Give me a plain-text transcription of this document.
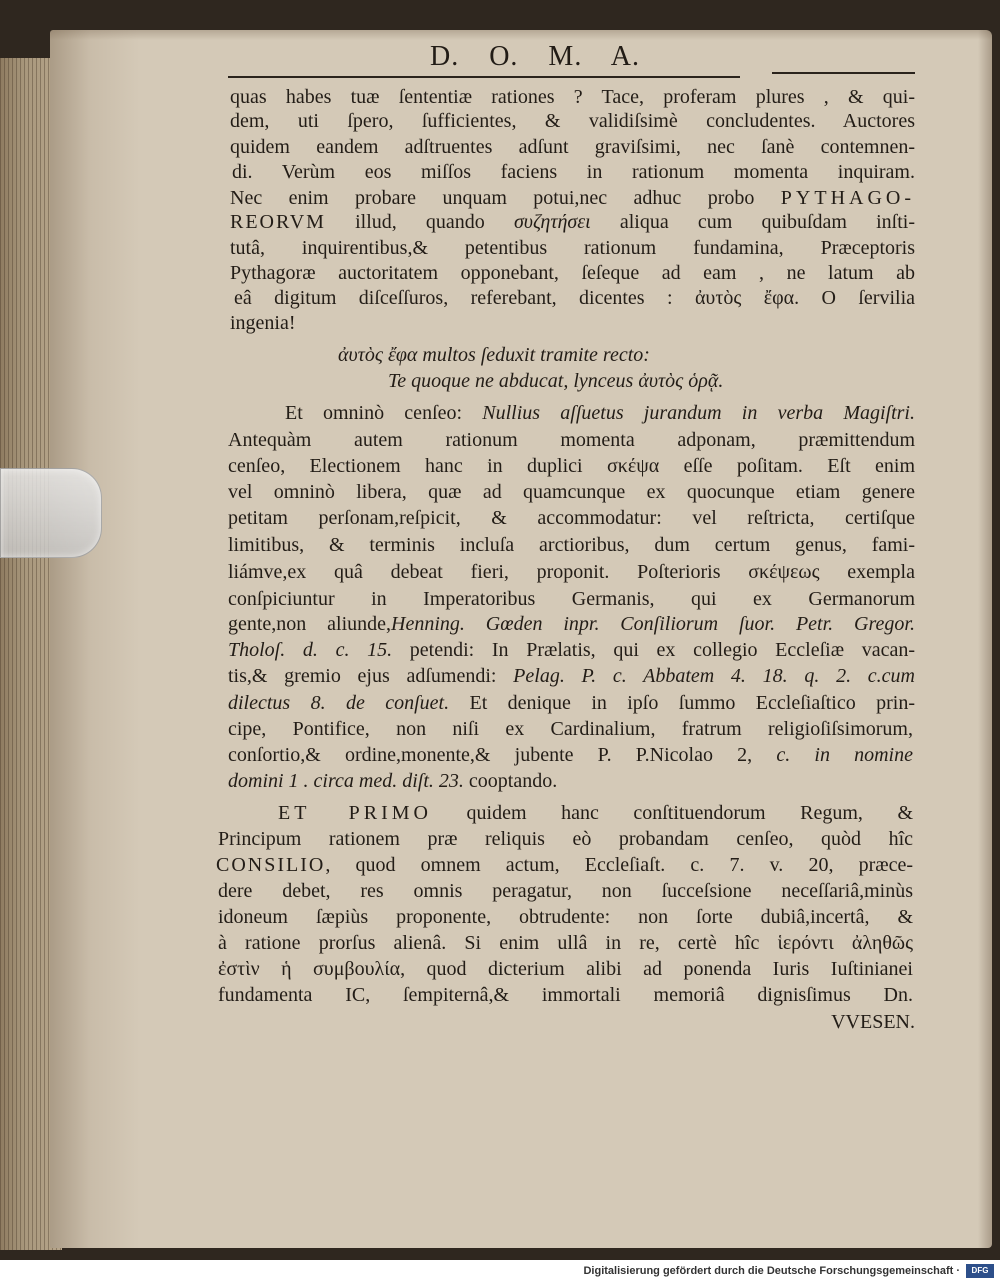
D. O. M. A.
quas habes tuæ ſententiæ rationes ? Tace, proferam plures , & qui-
dem, uti ſpero, ſufficientes, & validiſsimè concludentes. Auctores
quidem eandem adſtruentes adſunt graviſsimi, nec ſanè contemnen-
di. Verùm eos miſſos faciens in rationum momenta inquiram.
Nec enim probare unquam potui,nec adhuc probo PYTHAGO-
REORVM illud, quando συζητήσει aliqua cum quibuſdam inſti-
tutâ, inquirentibus,& petentibus rationum fundamina, Præceptoris
Pythagoræ auctoritatem opponebant, ſeſeque ad eam , ne latum ab
eâ digitum diſceſſuros, referebant, dicentes : ἀυτὸς ἔφα. O ſervilia
ingenia!
ἀυτὸς ἔφα multos ſeduxit tramite recto:
Te quoque ne abducat, lynceus ἀυτὸς ὁρᾷ.
Et omninò cenſeo: Nullius aſſuetus jurandum in verba Magiſtri.
Antequàm autem rationum momenta adponam, præmittendum
cenſeo, Electionem hanc in duplici σκέψα eſſe poſitam. Eſt enim
vel omninò libera, quæ ad quamcunque ex quocunque etiam genere
petitam perſonam,reſpicit, & accommodatur: vel reſtricta, certiſque
limitibus, & terminis incluſa arctioribus, dum certum genus, fami-
liámve,ex quâ debeat fieri, proponit. Poſterioris σκέψεως exempla
conſpiciuntur in Imperatoribus Germanis, qui ex Germanorum
gente,non aliunde,Henning. Gœden inpr. Conſiliorum ſuor. Petr. Gregor.
Tholoſ. d. c. 15. petendi: In Prælatis, qui ex collegio Eccleſiæ vacan-
tis,& gremio ejus adſumendi: Pelag. P. c. Abbatem 4. 18. q. 2. c.cum
dilectus 8. de conſuet. Et denique in ipſo ſummo Eccleſiaſtico prin-
cipe, Pontifice, non niſi ex Cardinalium, fratrum religioſiſsimorum,
conſortio,& ordine,monente,& jubente P. P.Nicolao 2, c. in nomine
domini 1 . circa med. diſt. 23. cooptando.
ET PRIMO quidem hanc conſtituendorum Regum, &
Principum rationem præ reliquis eò probandam cenſeo, quòd hîc
CONSILIO, quod omnem actum, Eccleſiaſt. c. 7. v. 20, præce-
dere debet, res omnis peragatur, non ſucceſsione neceſſariâ,minùs
idoneum ſæpiùs proponente, obtrudente: non ſorte dubiâ,incertâ, &
à ratione prorſus alienâ. Si enim ullâ in re, certè hîc ἱερόντι ἀληθῶς
ἐστὶν ἡ συμβουλία, quod dicterium alibi ad ponenda Iuris Iuſtinianei
fundamenta IC, ſempiternâ,& immortali memoriâ dignisſimus Dn.
VVESEN.
Digitalisierung gefördert durch die Deutsche Forschungsgemeinschaft ·	DFG
